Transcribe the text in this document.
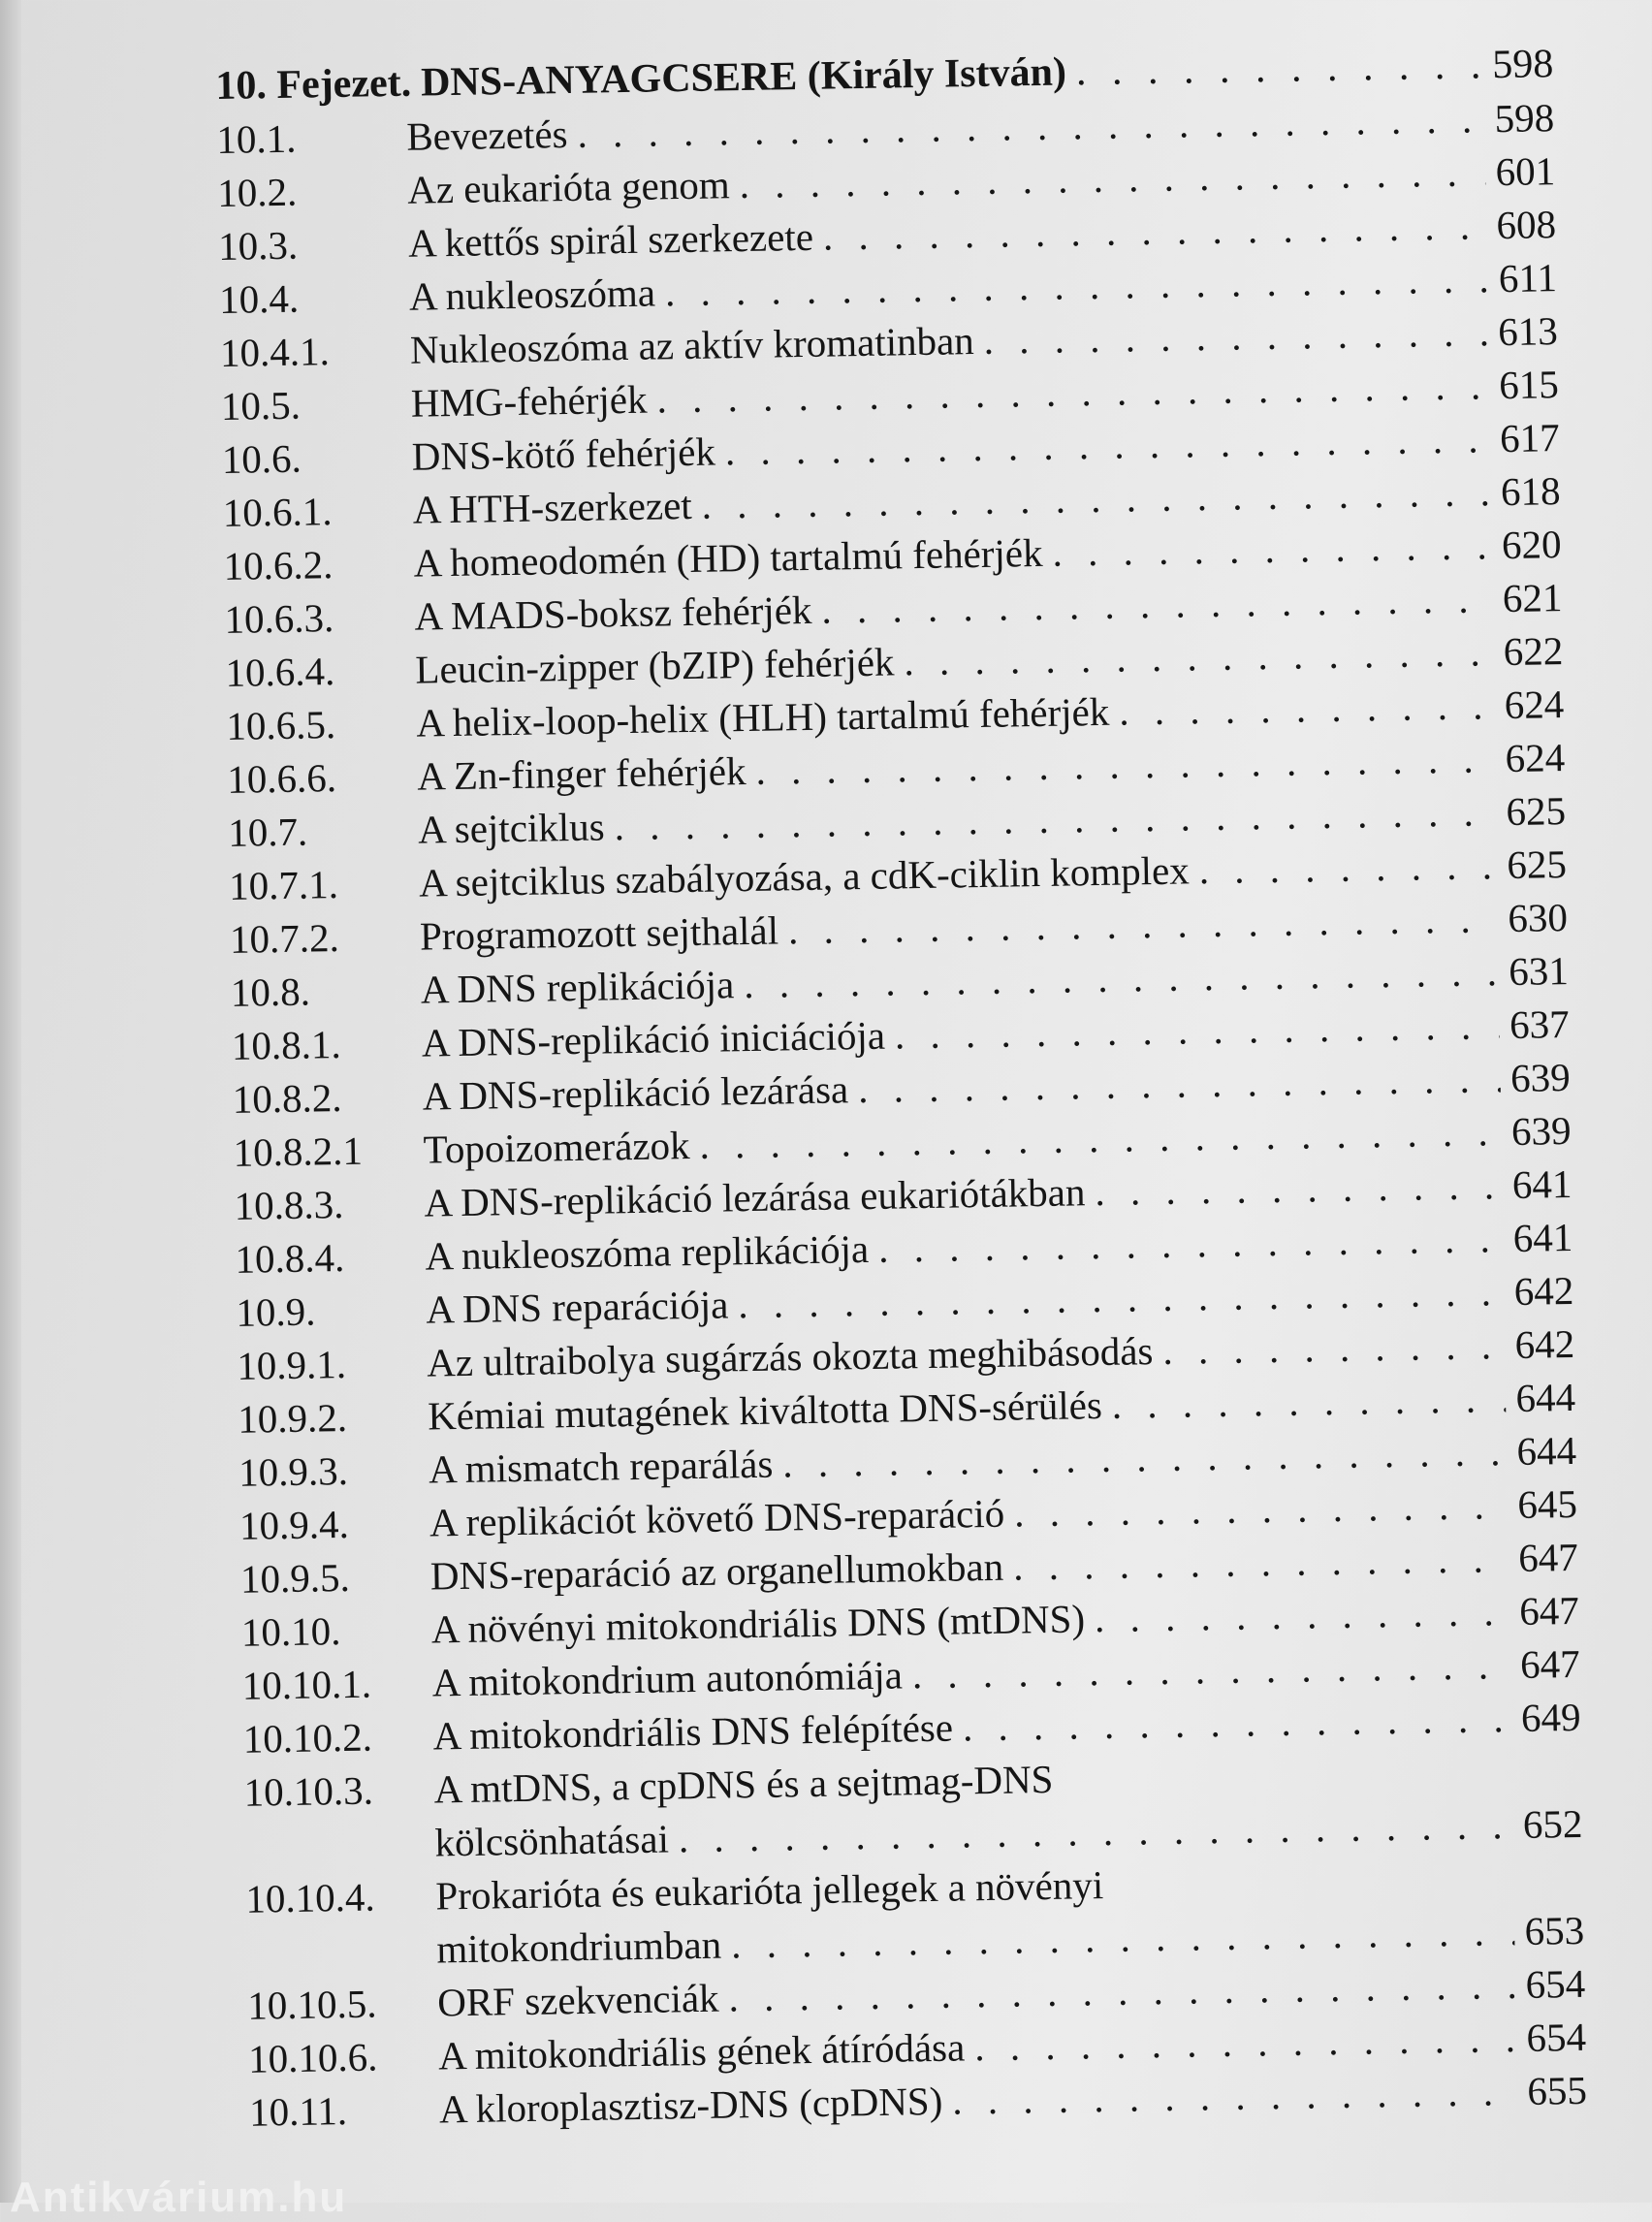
10. Fejezet. DNS-ANYAGCSERE (Király István) . . .	598
10.1.	Bevezetés . . .	598
10.2.	Az eukarióta genom . . .	601
10.3.	A kettős spirál szerkezete . . .	608
10.4.	A nukleoszóma . . .	611
10.4.1.	Nukleoszóma az aktív kromatinban . . .	613
10.5.	HMG-fehérjék . . .	615
10.6.	DNS-kötő fehérjék . . .	617
10.6.1.	A HTH-szerkezet . . .	618
10.6.2.	A homeodomén (HD) tartalmú fehérjék . . .	620
10.6.3.	A MADS-boksz fehérjék . . .	621
10.6.4.	Leucin-zipper (bZIP) fehérjék . . .	622
10.6.5.	A helix-loop-helix (HLH) tartalmú fehérjék . . .	624
10.6.6.	A Zn-finger fehérjék . . .	624
10.7.	A sejtciklus . . .	625
10.7.1.	A sejtciklus szabályozása, a cdK-ciklin komplex . . .	625
10.7.2.	Programozott sejthalál . . .	630
10.8.	A DNS replikációja . . .	631
10.8.1.	A DNS-replikáció iniciációja . . .	637
10.8.2.	A DNS-replikáció lezárása . . .	639
10.8.2.1	Topoizomerázok . . .	639
10.8.3.	A DNS-replikáció lezárása eukariótákban . . .	641
10.8.4.	A nukleoszóma replikációja . . .	641
10.9.	A DNS reparációja . . .	642
10.9.1.	Az ultraibolya sugárzás okozta meghibásodás . . .	642
10.9.2.	Kémiai mutagének kiváltotta DNS-sérülés . . .	644
10.9.3.	A mismatch reparálás . . .	644
10.9.4.	A replikációt követő DNS-reparáció . . .	645
10.9.5.	DNS-reparáció az organellumokban . . .	647
10.10.	A növényi mitokondriális DNS (mtDNS) . . .	647
10.10.1.	A mitokondrium autonómiája . . .	647
10.10.2.	A mitokondriális DNS felépítése . . .	649
10.10.3.	A mtDNS, a cpDNS és a sejtmag-DNS
kölcsönhatásai . . .	652
10.10.4.	Prokarióta és eukarióta jellegek a növényi
mitokondriumban . . .	653
10.10.5.	ORF szekvenciák . . .	654
10.10.6.	A mitokondriális gének átíródása . . .	654
10.11.	A kloroplasztisz-DNS (cpDNS) . . .	655
Antikvárium.hu
